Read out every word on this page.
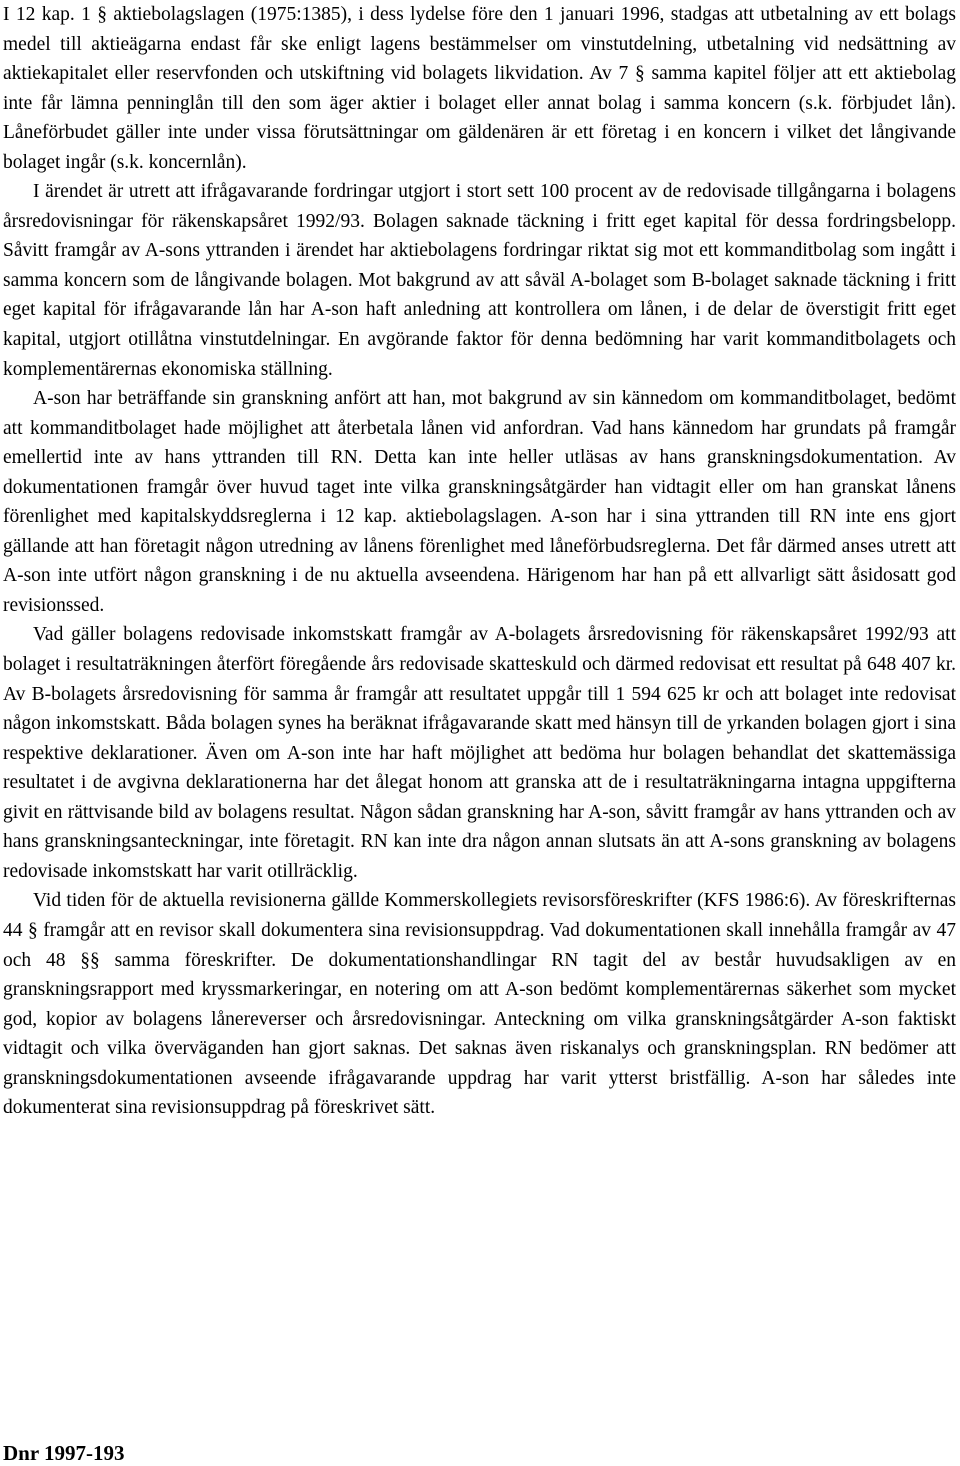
I 12 kap. 1 § aktiebolagslagen (1975:1385), i dess lydelse före den 1 januari 1996, stadgas att utbetalning av ett bolags medel till aktieägarna endast får ske enligt lagens bestämmelser om vinstutdelning, utbetalning vid nedsättning av aktiekapitalet eller reservfonden och utskiftning vid bolagets likvidation. Av 7 § samma kapitel följer att ett aktiebolag inte får lämna penninglån till den som äger aktier i bolaget eller annat bolag i samma koncern (s.k. förbjudet lån). Låneförbudet gäller inte under vissa förutsättningar om gäldenären är ett företag i en koncern i vilket det långivande bolaget ingår (s.k. koncernlån).

I ärendet är utrett att ifrågavarande fordringar utgjort i stort sett 100 procent av de redovisade tillgångarna i bolagens årsredovisningar för räkenskapsåret 1992/93. Bolagen saknade täckning i fritt eget kapital för dessa fordringsbelopp. Såvitt framgår av A-sons yttranden i ärendet har aktiebolagens fordringar riktat sig mot ett kommanditbolag som ingått i samma koncern som de långivande bolagen. Mot bakgrund av att såväl A-bolaget som B-bolaget saknade täckning i fritt eget kapital för ifrågavarande lån har A-son haft anledning att kontrollera om lånen, i de delar de överstigit fritt eget kapital, utgjort otillåtna vinstutdelningar. En avgörande faktor för denna bedömning har varit kommanditbolagets och komplementärernas ekonomiska ställning.

A-son har beträffande sin granskning anfört att han, mot bakgrund av sin kännedom om kommanditbolaget, bedömt att kommanditbolaget hade möjlighet att återbetala lånen vid anfordran. Vad hans kännedom har grundats på framgår emellertid inte av hans yttranden till RN. Detta kan inte heller utläsas av hans granskningsdokumentation. Av dokumentationen framgår över huvud taget inte vilka granskningsåtgärder han vidtagit eller om han granskat lånens förenlighet med kapitalskyddsreglerna i 12 kap. aktiebolagslagen. A-son har i sina yttranden till RN inte ens gjort gällande att han företagit någon utredning av lånens förenlighet med låneförbudsreglerna. Det får därmed anses utrett att A-son inte utfört någon granskning i de nu aktuella avseendena. Härigenom har han på ett allvarligt sätt åsidosatt god revisionssed.

Vad gäller bolagens redovisade inkomstskatt framgår av A-bolagets årsredovisning för räkenskapsåret 1992/93 att bolaget i resultaträkningen återfört föregående års redovisade skatteskuld och därmed redovisat ett resultat på 648 407 kr. Av B-bolagets årsredovisning för samma år framgår att resultatet uppgår till 1 594 625 kr och att bolaget inte redovisat någon inkomstskatt. Båda bolagen synes ha beräknat ifrågavarande skatt med hänsyn till de yrkanden bolagen gjort i sina respektive deklarationer. Även om A-son inte har haft möjlighet att bedöma hur bolagen behandlat det skattemässiga resultatet i de avgivna deklarationerna har det ålegat honom att granska att de i resultaträkningarna intagna uppgifterna givit en rättvisande bild av bolagens resultat. Någon sådan granskning har A-son, såvitt framgår av hans yttranden och av hans granskningsanteckningar, inte företagit. RN kan inte dra någon annan slutsats än att A-sons granskning av bolagens redovisade inkomstskatt har varit otillräcklig.

Vid tiden för de aktuella revisionerna gällde Kommerskollegiets revisorsföreskrifter (KFS 1986:6). Av föreskrifternas 44 § framgår att en revisor skall dokumentera sina revisionsuppdrag. Vad dokumentationen skall innehålla framgår av 47 och 48 §§ samma föreskrifter. De dokumentationshandlingar RN tagit del av består huvudsakligen av en granskningsrapport med kryssmarkeringar, en notering om att A-son bedömt komplementärernas säkerhet som mycket god, kopior av bolagens lånereverser och årsredovisningar. Anteckning om vilka granskningsåtgärder A-son faktiskt vidtagit och vilka överväganden han gjort saknas. Det saknas även riskanalys och granskningsplan. RN bedömer att granskningsdokumentationen avseende ifrågavarande uppdrag har varit ytterst bristfällig. A-son har således inte dokumenterat sina revisionsuppdrag på föreskrivet sätt.

Dnr 1997-193
